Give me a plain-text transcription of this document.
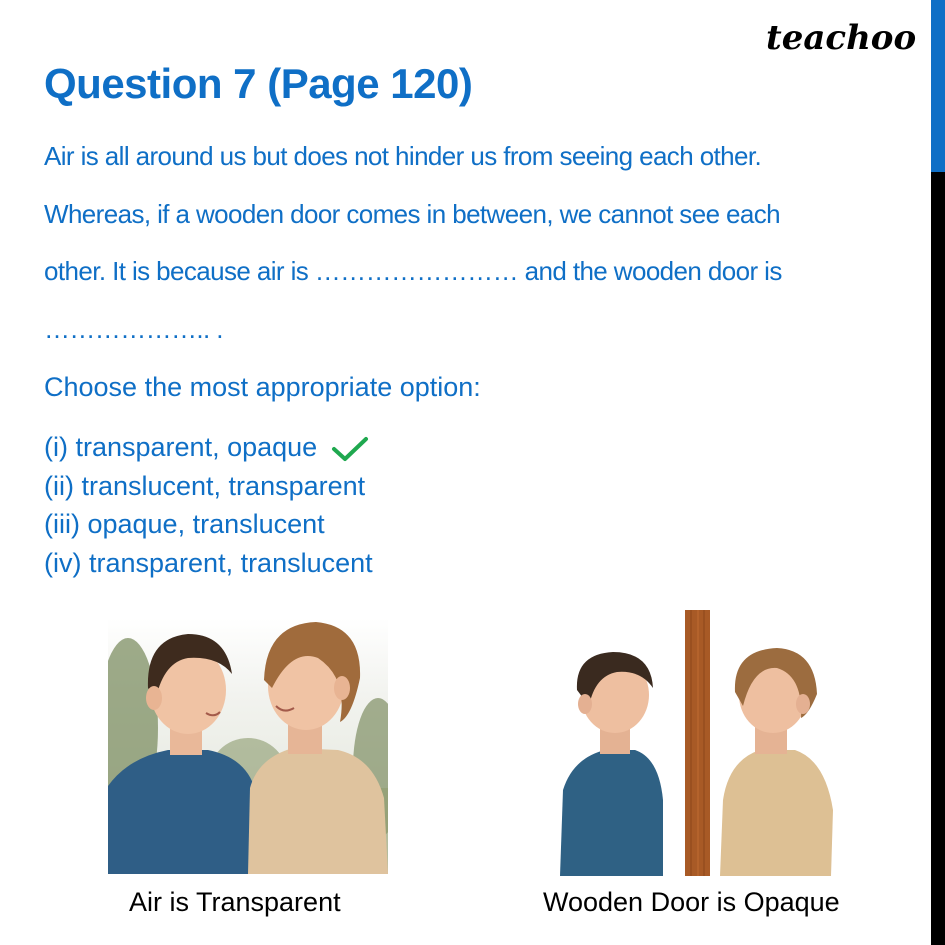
teachoo
Question 7 (Page 120)
Air is all around us but does not hinder us from seeing each other.
Whereas, if a wooden door comes in between, we cannot see each
other. It is because air is …………………… and the wooden door is
……………….. .
Choose the most appropriate option:
(i) transparent, opaque
(ii) translucent, transparent
(iii) opaque, translucent
(iv) transparent, translucent
Air is Transparent	Wooden Door is Opaque
